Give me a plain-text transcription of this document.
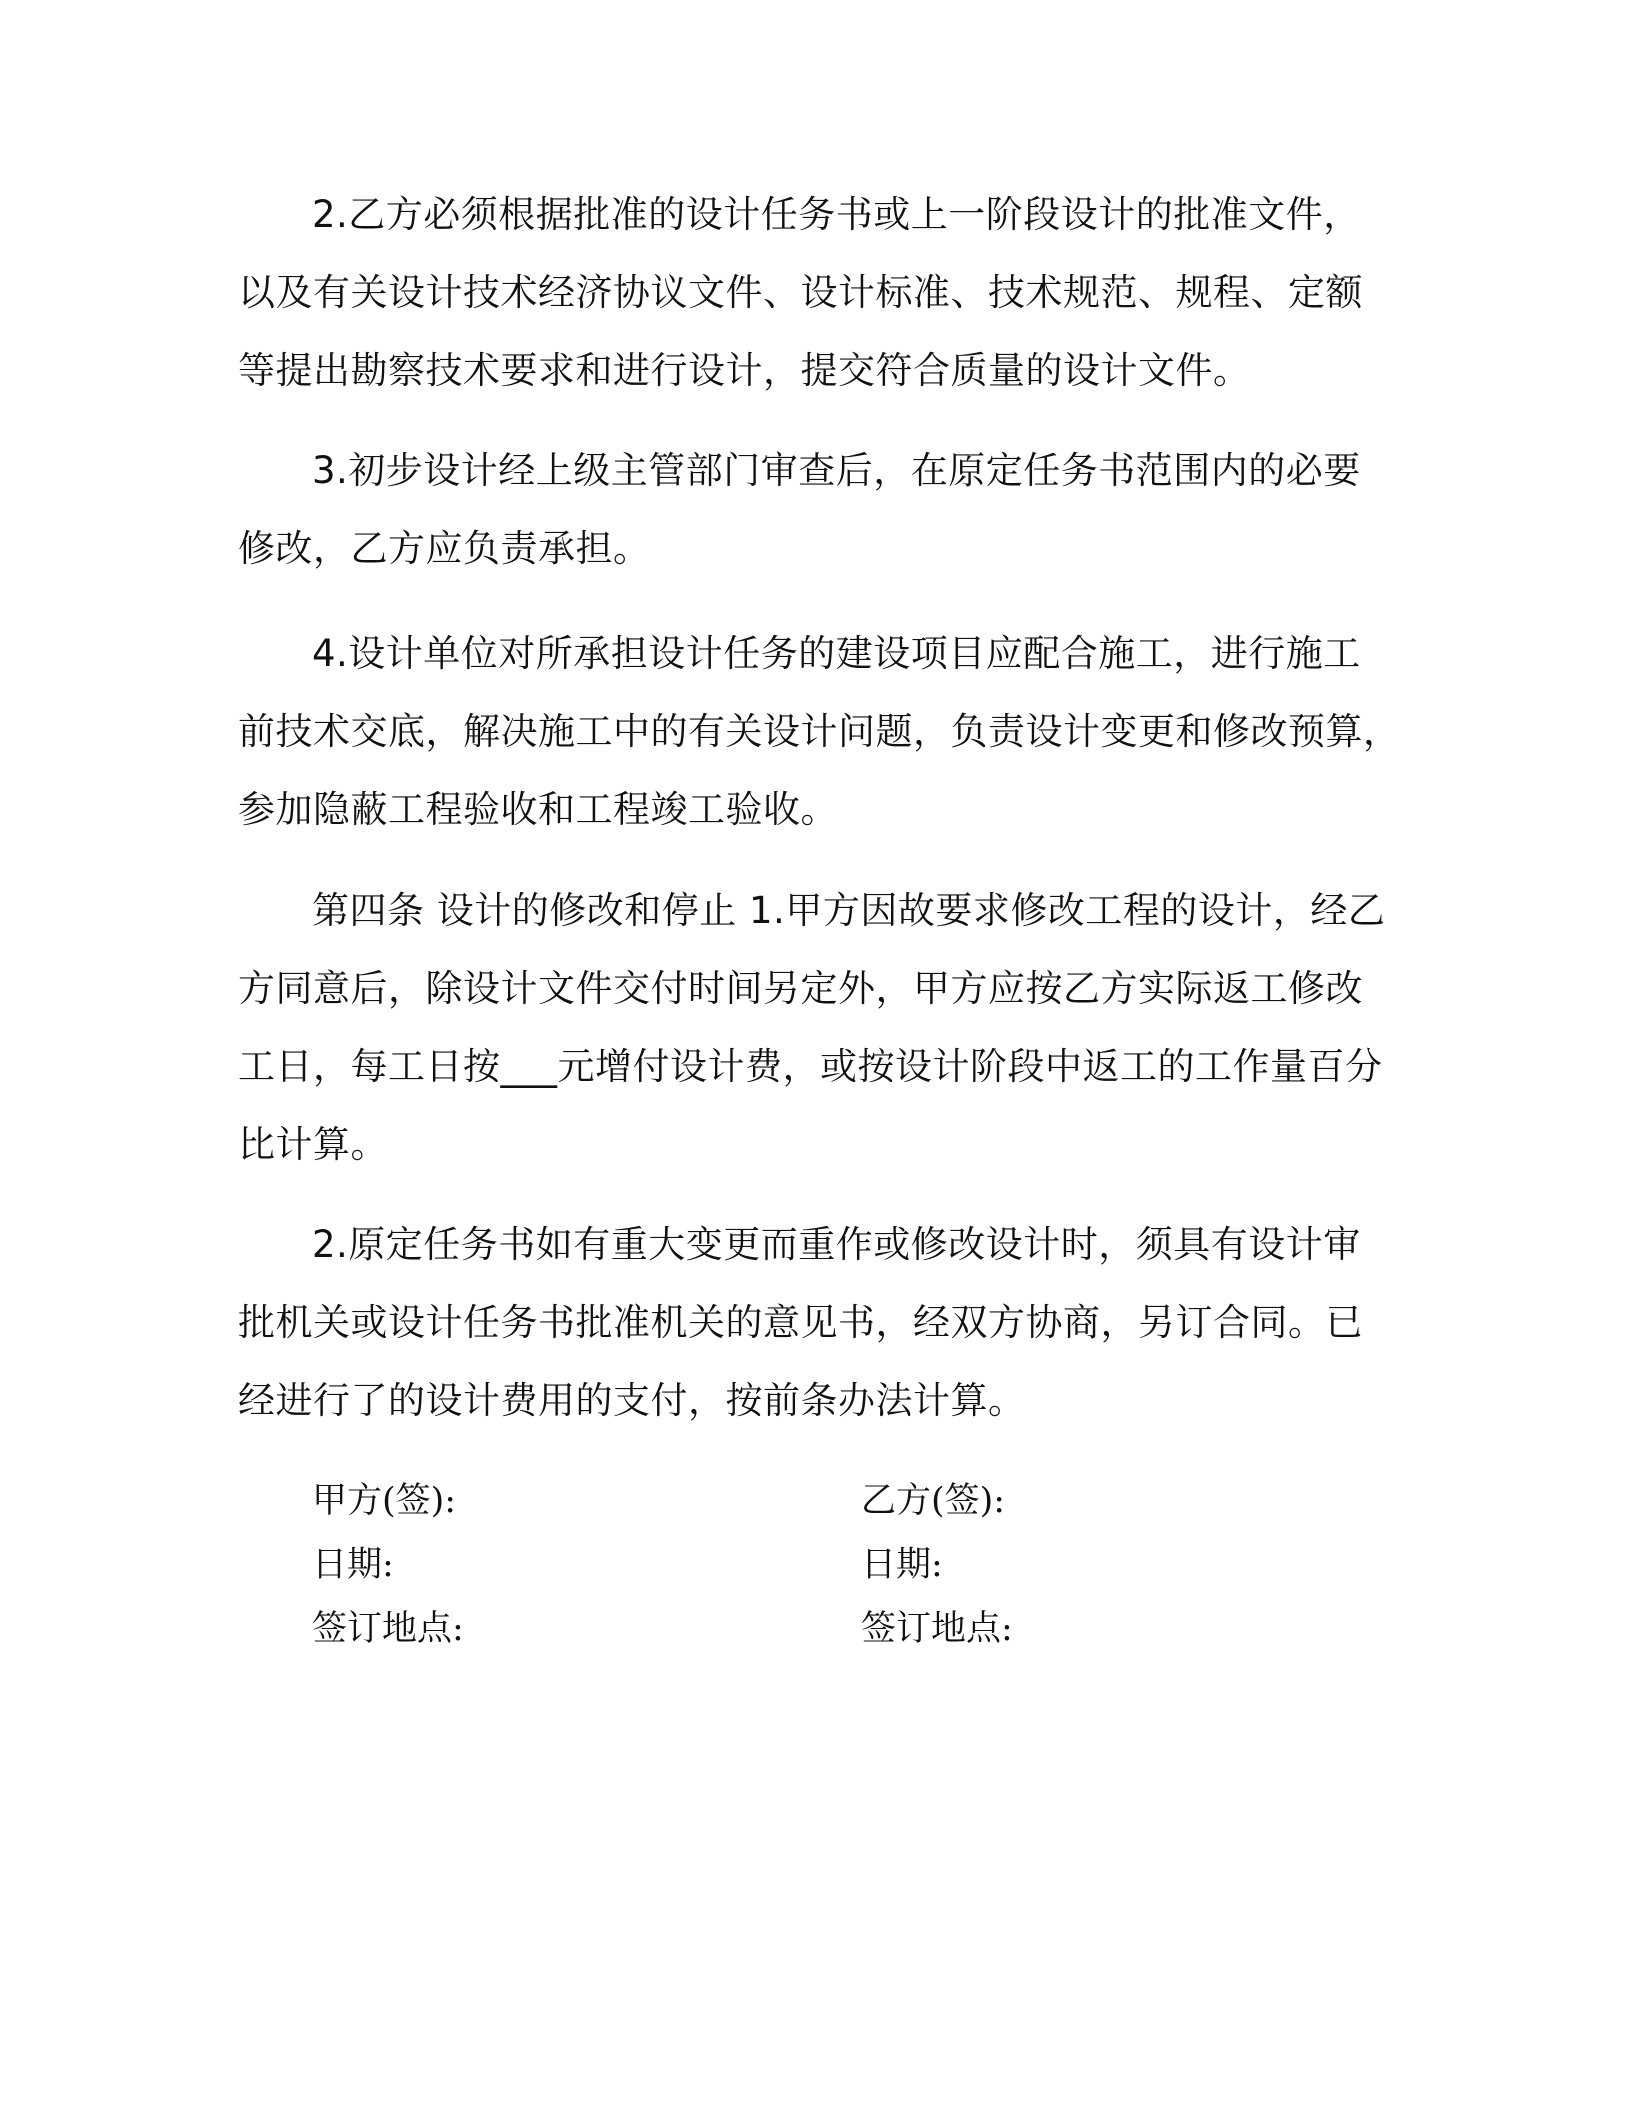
2.乙方必须根据批准的设计任务书或上一阶段设计的批准文件，
以及有关设计技术经济协议文件、设计标准、技术规范、规程、定额
等提出勘察技术要求和进行设计，提交符合质量的设计文件。
3.初步设计经上级主管部门审查后，在原定任务书范围内的必要
修改，乙方应负责承担。
4.设计单位对所承担设计任务的建设项目应配合施工，进行施工
前技术交底，解决施工中的有关设计问题，负责设计变更和修改预算，
参加隐蔽工程验收和工程竣工验收。
第四条 设计的修改和停止 1.甲方因故要求修改工程的设计，经乙
方同意后，除设计文件交付时间另定外，甲方应按乙方实际返工修改
工日，每工日按___元增付设计费，或按设计阶段中返工的工作量百分
比计算。
2.原定任务书如有重大变更而重作或修改设计时，须具有设计审
批机关或设计任务书批准机关的意见书，经双方协商，另订合同。已
经进行了的设计费用的支付，按前条办法计算。
甲方(签):
日期:
签订地点:
乙方(签):
日期:
签订地点:
